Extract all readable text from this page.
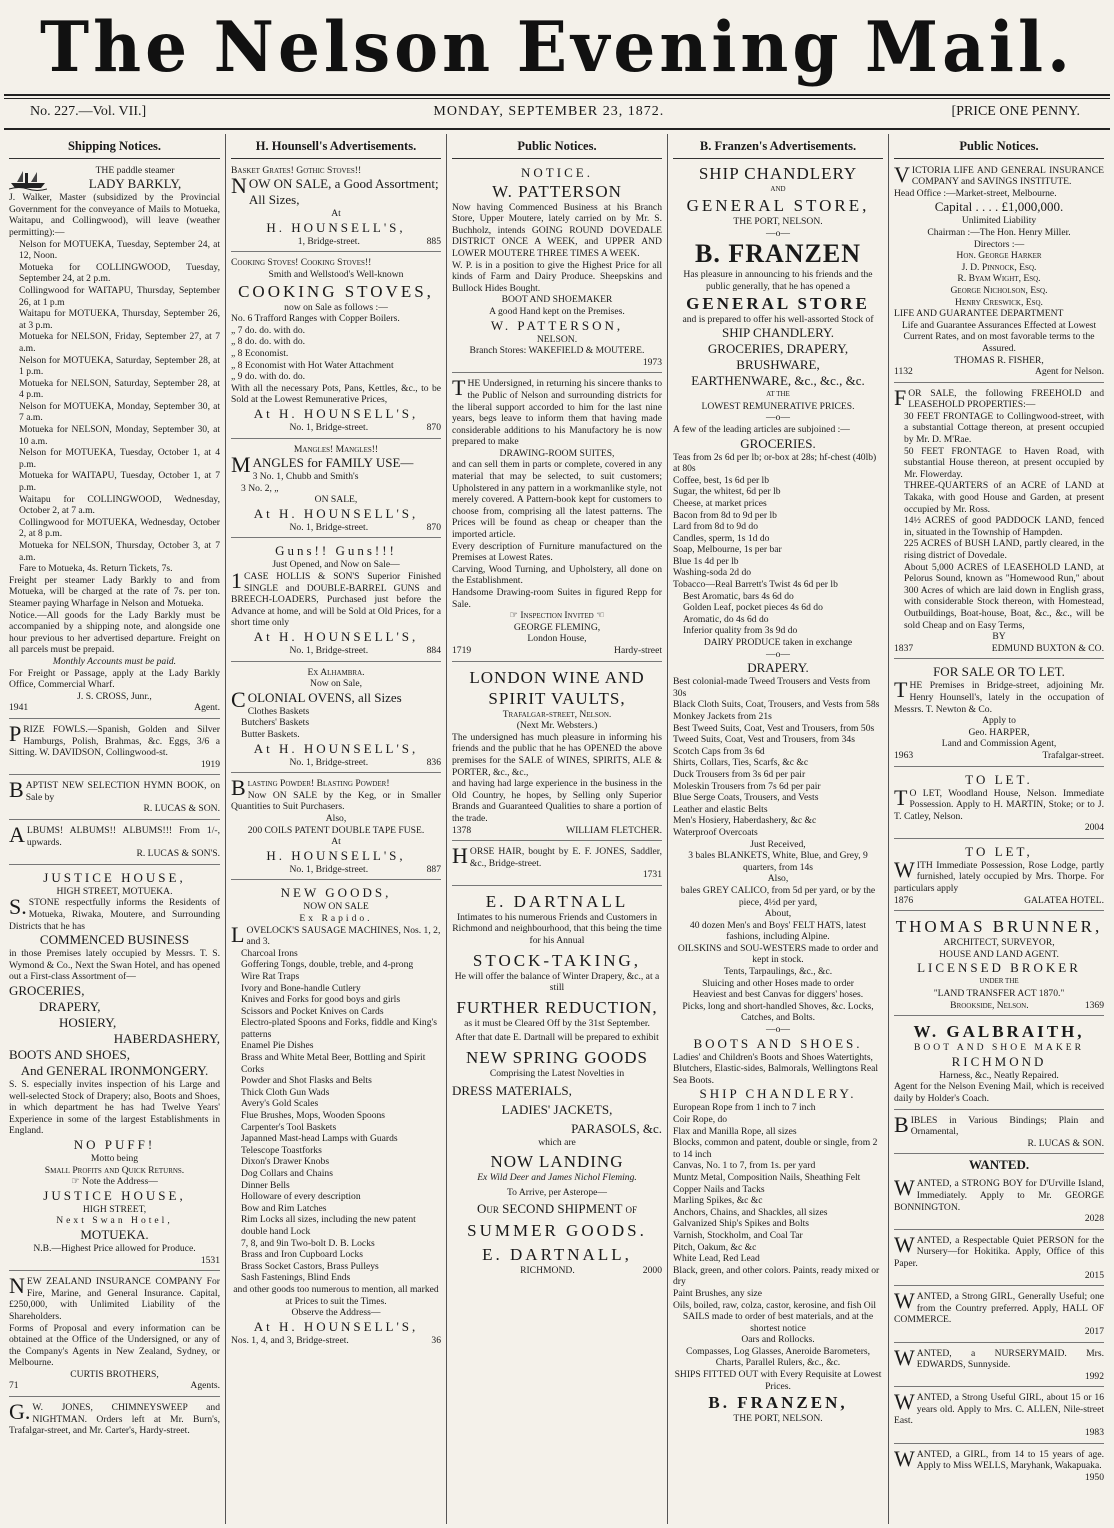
The Nelson Evening Mail.
No. 227.—Vol. VII.]	MONDAY, SEPTEMBER 23, 1872.	[PRICE ONE PENNY.
Shipping Notices.

THE paddle steamer

LADY BARKLY,

J. Walker, Master (subsidized by the Provincial Government for the conveyance of Mails to Motueka, Waitapu, and Collingwood), will leave (weather permitting):—

Nelson for MOTUEKA, Tuesday, September 24, at 12, Noon.

Motueka for COLLINGWOOD, Tuesday, September 24, at 2 p.m.

Collingwood for WAITAPU, Thursday, September 26, at 1 p.m

Waitapu for MOTUEKA, Thursday, September 26, at 3 p.m.

Motueka for NELSON, Friday, September 27, at 7 a.m.

Nelson for MOTUEKA, Saturday, September 28, at 1 p.m.

Motueka for NELSON, Saturday, September 28, at 4 p.m.

Nelson for MOTUEKA, Monday, September 30, at 7 a.m.

Motueka for NELSON, Monday, September 30, at 10 a.m.

Nelson for MOTUEKA, Tuesday, October 1, at 4 p.m.

Motueka for WAITAPU, Tuesday, October 1, at 7 p.m.

Waitapu for COLLINGWOOD, Wednesday, October 2, at 7 a.m.

Collingwood for MOTUEKA, Wednesday, October 2, at 8 p.m.

Motueka for NELSON, Thursday, October 3, at 7 a.m.

Fare to Motueka, 4s. Return Tickets, 7s.

Freight per steamer Lady Barkly to and from Motueka, will be charged at the rate of 7s. per ton. Steamer paying Wharfage in Nelson and Motueka.

Notice.—All goods for the Lady Barkly must be accompanied by a shipping note, and alongside one hour previous to her advertised departure. Freight on all parcels must be prepaid.

Monthly Accounts must be paid.

For Freight or Passage, apply at the Lady Barkly Office, Commercial Wharf.

J. S. CROSS, Junr.,

1941	Agent.

PRIZE FOWLS.—Spanish, Golden and Silver Hamburgs, Polish, Brahmas, &c. Eggs, 3/6 a Sitting. W. DAVIDSON, Collingwood-st.

1919

BAPTIST NEW SELECTION HYMN BOOK, on Sale by

R. LUCAS & SON.

ALBUMS! ALBUMS!! ALBUMS!!! From 1/-, upwards.

R. LUCAS & SON'S.

JUSTICE HOUSE,

HIGH STREET, MOTUEKA.

S.STONE respectfully informs the Residents of Motueka, Riwaka, Moutere, and Surrounding Districts that he has

COMMENCED BUSINESS

in those Premises lately occupied by Messrs. T. S. Wymond & Co., Next the Swan Hotel, and has opened out a First-class Assortment of—

GROCERIES,

DRAPERY,

HOSIERY,

HABERDASHERY,

BOOTS AND SHOES,

And GENERAL IRONMONGERY.

S. S. especially invites inspection of his Large and well-selected Stock of Drapery; also, Boots and Shoes, in which department he has had Twelve Years' Experience in some of the largest Establishments in England.

NO PUFF!

Motto being

Small Profits and Quick Returns.

☞ Note the Address—

JUSTICE HOUSE,

HIGH STREET,

Next Swan Hotel,

MOTUEKA.

N.B.—Highest Price allowed for Produce.

1531

NEW ZEALAND INSURANCE COMPANY For Fire, Marine, and General Insurance. Capital, £250,000, with Unlimited Liability of the Shareholders.

Forms of Proposal and every information can be obtained at the Office of the Undersigned, or any of the Company's Agents in New Zealand, Sydney, or Melbourne.

CURTIS BROTHERS,

71	Agents.

G.W. JONES, CHIMNEYSWEEP and NIGHTMAN. Orders left at Mr. Burn's, Trafalgar-street, and Mr. Carter's, Hardy-street.

H. Hounsell's Advertisements.

Basket Grates! Gothic Stoves!!

NOW ON SALE, a Good Assortment; All Sizes,

At

H. HOUNSELL'S,

1, Bridge-street.	885

Cooking Stoves! Cooking Stoves!!

Smith and Wellstood's Well-known

COOKING STOVES,

now on Sale as follows :—

No. 6 Trafford Ranges with Copper Boilers.

„ 7 do. do. with do.

„ 8 do. do. with do.

„ 8 Economist.

„ 8 Economist with Hot Water Attachment

„ 9 do. with do. do.

With all the necessary Pots, Pans, Kettles, &c., to be Sold at the Lowest Remunerative Prices,

At H. HOUNSELL'S,

No. 1, Bridge-street.	870

Mangles! Mangles!!

MANGLES for FAMILY USE—

3 No. 1, Chubb and Smith's

3 No. 2, „

ON SALE,

At H. HOUNSELL'S,

No. 1, Bridge-street.	870

Guns!! Guns!!!

Just Opened, and Now on Sale—

1CASE HOLLIS & SON'S Superior Finished SINGLE and DOUBLE-BARREL GUNS and BREECH-LOADERS, Purchased just before the Advance at home, and will be Sold at Old Prices, for a short time only

At H. HOUNSELL'S,

No. 1, Bridge-street.	884

Ex Alhambra.

Now on Sale,

COLONIAL OVENS, all Sizes

Clothes Baskets

Butchers' Baskets

Butter Baskets.

At H. HOUNSELL'S,

No. 1, Bridge-street.	836

Blasting Powder! Blasting Powder!

Now ON SALE by the Keg, or in Smaller Quantities to Suit Purchasers.

Also,

200 COILS PATENT DOUBLE TAPE FUSE.

At

H. HOUNSELL'S,

No. 1, Bridge-street.	887

NEW GOODS,

NOW ON SALE

Ex Rapido.

LOVELOCK'S SAUSAGE MACHINES, Nos. 1, 2, and 3.

Charcoal Irons

Goffering Tongs, double, treble, and 4-prong

Wire Rat Traps

Ivory and Bone-handle Cutlery

Knives and Forks for good boys and girls

Scissors and Pocket Knives on Cards

Electro-plated Spoons and Forks, fiddle and King's patterns

Enamel Pie Dishes

Brass and White Metal Beer, Bottling and Spirit Corks

Powder and Shot Flasks and Belts

Thick Cloth Gun Wads

Avery's Gold Scales

Flue Brushes, Mops, Wooden Spoons

Carpenter's Tool Baskets

Japanned Mast-head Lamps with Guards

Telescope Toastforks

Dixon's Drawer Knobs

Dog Collars and Chains

Dinner Bells

Holloware of every description

Bow and Rim Latches

Rim Locks all sizes, including the new patent double hand Lock

7, 8, and 9in Two-bolt D. B. Locks

Brass and Iron Cupboard Locks

Brass Socket Castors, Brass Pulleys

Sash Fastenings, Blind Ends

and other goods too numerous to mention, all marked at Prices to suit the Times.

Observe the Address—

At H. HOUNSELL'S,

Nos. 1, 4, and 3, Bridge-street.	36
Public Notices.

NOTICE.

W. PATTERSON

Now having Commenced Business at his Branch Store, Upper Moutere, lately carried on by Mr. S. Buchholz, intends GOING ROUND DOVEDALE DISTRICT ONCE A WEEK, and UPPER AND LOWER MOUTERE THREE TIMES A WEEK.

W. P. is in a position to give the Highest Price for all kinds of Farm and Dairy Produce. Sheepskins and Bullock Hides Bought.

BOOT AND SHOEMAKER

A good Hand kept on the Premises.

W. PATTERSON,

NELSON.

Branch Stores: WAKEFIELD & MOUTERE.

1973

THE Undersigned, in returning his sincere thanks to the Public of Nelson and surrounding districts for the liberal support accorded to him for the last nine years, begs leave to inform them that having made considerable additions to his Manufactory he is now prepared to make

DRAWING-ROOM SUITES,

and can sell them in parts or complete, covered in any material that may be selected, to suit customers; Upholstered in any pattern in a workmanlike style, not merely covered. A Pattern-book kept for customers to choose from, comprising all the latest patterns. The Prices will be found as cheap or cheaper than the imported article.

Every description of Furniture manufactured on the Premises at Lowest Rates.

Carving, Wood Turning, and Upholstery, all done on the Establishment.

Handsome Drawing-room Suites in figured Repp for Sale.

☞ Inspection Invited ☜

GEORGE FLEMING,

London House,

1719	Hardy-street

LONDON WINE AND SPIRIT VAULTS,

Trafalgar-street, Nelson.

(Next Mr. Websters.)

The undersigned has much pleasure in informing his friends and the public that he has OPENED the above premises for the SALE of WINES, SPIRITS, ALE & PORTER, &c., &c.,

and having had large experience in the business in the Old Country, he hopes, by Selling only Superior Brands and Guaranteed Qualities to share a portion of the trade.

1378	WILLIAM FLETCHER.

HORSE HAIR, bought by E. F. JONES, Saddler, &c., Bridge-street.

1731

E. DARTNALL

Intimates to his numerous Friends and Customers in Richmond and neighbourhood, that this being the time for his Annual

STOCK-TAKING,

He will offer the balance of Winter Drapery, &c., at a still

FURTHER REDUCTION,

as it must be Cleared Off by the 31st September.

After that date E. Dartnall will be prepared to exhibit

NEW SPRING GOODS

Comprising the Latest Novelties in

DRESS MATERIALS,

LADIES' JACKETS,

PARASOLS, &c.

which are

NOW LANDING

Ex Wild Deer and James Nichol Fleming.

To Arrive, per Asterope—

Our SECOND SHIPMENT of

SUMMER GOODS.

E. DARTNALL,

RICHMOND.	2000
B. Franzen's Advertisements.

SHIP CHANDLERY

AND

GENERAL STORE,

THE PORT, NELSON.

—o—

B. FRANZEN

Has pleasure in announcing to his friends and the public generally, that he has opened a

GENERAL STORE

and is prepared to offer his well-assorted Stock of

SHIP CHANDLERY.

GROCERIES, DRAPERY,

BRUSHWARE,

EARTHENWARE, &c., &c., &c.

AT THE

LOWEST REMUNERATIVE PRICES.

—o—

A few of the leading articles are subjoined :—

GROCERIES.

Teas from 2s 6d per lb; or-box at 28s; hf-chest (40lb) at 80s

Coffee, best, 1s 6d per lb

Sugar, the whitest, 6d per lb

Cheese, at market prices

Bacon from 8d to 9d per lb

Lard from 8d to 9d do

Candles, sperm, 1s 1d do

Soap, Melbourne, 1s per bar

Blue 1s 4d per lb

Washing-soda 2d do

Tobacco—Real Barrett's Twist 4s 6d per lb

Best Aromatic, bars 4s 6d do

Golden Leaf, pocket pieces 4s 6d do

Aromatic, do 4s 6d do

Inferior quality from 3s 9d do

DAIRY PRODUCE taken in exchange

—o—

DRAPERY.

Best colonial-made Tweed Trousers and Vests from 30s

Black Cloth Suits, Coat, Trousers, and Vests from 58s

Monkey Jackets from 21s

Best Tweed Suits, Coat, Vest and Trousers, from 50s

Tweed Suits, Coat, Vest and Trousers, from 34s

Scotch Caps from 3s 6d

Shirts, Collars, Ties, Scarfs, &c &c

Duck Trousers from 3s 6d per pair

Moleskin Trousers from 7s 6d per pair

Blue Serge Coats, Trousers, and Vests

Leather and elastic Belts

Men's Hosiery, Haberdashery, &c &c

Waterproof Overcoats

Just Received,

3 bales BLANKETS, White, Blue, and Grey, 9 quarters, from 14s

Also,

bales GREY CALICO, from 5d per yard, or by the piece, 4½d per yard,

About,

40 dozen Men's and Boys' FELT HATS, latest fashions, including Alpine.

OILSKINS and SOU-WESTERS made to order and kept in stock.

Tents, Tarpaulings, &c., &c.

Sluicing and other Hoses made to order

Heaviest and best Canvas for diggers' hoses.

Picks, long and short-handled Shoves, &c. Locks, Catches, and Bolts.

—o—

BOOTS AND SHOES.

Ladies' and Children's Boots and Shoes Watertights, Blutchers, Elastic-sides, Balmorals, Wellingtons Real Sea Boots.

SHIP CHANDLERY.

European Rope from 1 inch to 7 inch

Coir Rope, do

Flax and Manilla Rope, all sizes

Blocks, common and patent, double or single, from 2 to 14 inch

Canvas, No. 1 to 7, from 1s. per yard

Muntz Metal, Composition Nails, Sheathing Felt

Copper Nails and Tacks

Marling Spikes, &c &c

Anchors, Chains, and Shackles, all sizes

Galvanized Ship's Spikes and Bolts

Varnish, Stockholm, and Coal Tar

Pitch, Oakum, &c &c

White Lead, Red Lead

Black, green, and other colors. Paints, ready mixed or dry

Paint Brushes, any size

Oils, boiled, raw, colza, castor, kerosine, and fish Oil

SAILS made to order of best materials, and at the shortest notice

Oars and Rollocks.

Compasses, Log Glasses, Aneroide Barometers, Charts, Parallel Rulers, &c., &c.

SHIPS FITTED OUT with Every Requisite at Lowest Prices.

B. FRANZEN,

THE PORT, NELSON.

Public Notices.

VICTORIA LIFE AND GENERAL INSURANCE COMPANY and SAVINGS INSTITUTE.

Head Office :—Market-street, Melbourne.

Capital . . . . £1,000,000.

Unlimited Liability

Chairman :—The Hon. Henry Miller.

Directors :—

Hon. George Harker

J. D. Pinnock, Esq.

R. Byam Wight, Esq.

George Nicholson, Esq.

Henry Creswick, Esq.

LIFE AND GUARANTEE DEPARTMENT

Life and Guarantee Assurances Effected at Lowest Current Rates, and on most favorable terms to the Assured.

THOMAS R. FISHER,

1132	Agent for Nelson.

FOR SALE, the following FREEHOLD and LEASEHOLD PROPERTIES:—

30 FEET FRONTAGE to Collingwood-street, with a substantial Cottage thereon, at present occupied by Mr. D. M'Rae.

50 FEET FRONTAGE to Haven Road, with substantial House thereon, at present occupied by Mr. Flowerday.

THREE-QUARTERS of an ACRE of LAND at Takaka, with good House and Garden, at present occupied by Mr. Ross.

14½ ACRES of good PADDOCK LAND, fenced in, situated in the Township of Hampden.

225 ACRES of BUSH LAND, partly cleared, in the rising district of Dovedale.

About 5,000 ACRES of LEASEHOLD LAND, at Pelorus Sound, known as "Homewood Run," about 300 Acres of which are laid down in English grass, with considerable Stock thereon, with Homestead, Outbuildings, Boat-house, Boat, &c., &c., will be sold Cheap and on Easy Terms,

BY

1837	EDMUND BUXTON & CO.

FOR SALE OR TO LET.

THE Premises in Bridge-street, adjoining Mr. Henry Hounsell's, lately in the occupation of Messrs. T. Newton & Co.

Apply to

Geo. HARPER,

Land and Commission Agent,

1963	Trafalgar-street.

TO LET.

TO LET, Woodland House, Nelson. Immediate Possession. Apply to H. MARTIN, Stoke; or to J. T. Catley, Nelson.

2004

TO LET,

WITH Immediate Possession, Rose Lodge, partly furnished, lately occupied by Mrs. Thorpe. For particulars apply

1876	GALATEA HOTEL.

THOMAS BRUNNER,

ARCHITECT, SURVEYOR,

HOUSE AND LAND AGENT.

LICENSED BROKER

UNDER THE

"LAND TRANSFER ACT 1870."

Brookside, Nelson.	1369

W. GALBRAITH,

BOOT AND SHOE MAKER

RICHMOND

Harness, &c., Neatly Repaired.

Agent for the Nelson Evening Mail, which is received daily by Holder's Coach.

BIBLES in Various Bindings; Plain and Ornamental,

R. LUCAS & SON.

WANTED.

WANTED, a STRONG BOY for D'Urville Island, Immediately. Apply to Mr. GEORGE BONNINGTON.

2028

WANTED, a Respectable Quiet PERSON for the Nursery—for Hokitika. Apply, Office of this Paper.

2015

WANTED, a Strong GIRL, Generally Useful; one from the Country preferred. Apply, HALL OF COMMERCE.

2017

WANTED, a NURSERYMAID. Mrs. EDWARDS, Sunnyside.

1992

WANTED, a Strong Useful GIRL, about 15 or 16 years old. Apply to Mrs. C. ALLEN, Nile-street East.

1983

WANTED, a GIRL, from 14 to 15 years of age. Apply to Miss WELLS, Maryhank, Wakapuaka.

1950
